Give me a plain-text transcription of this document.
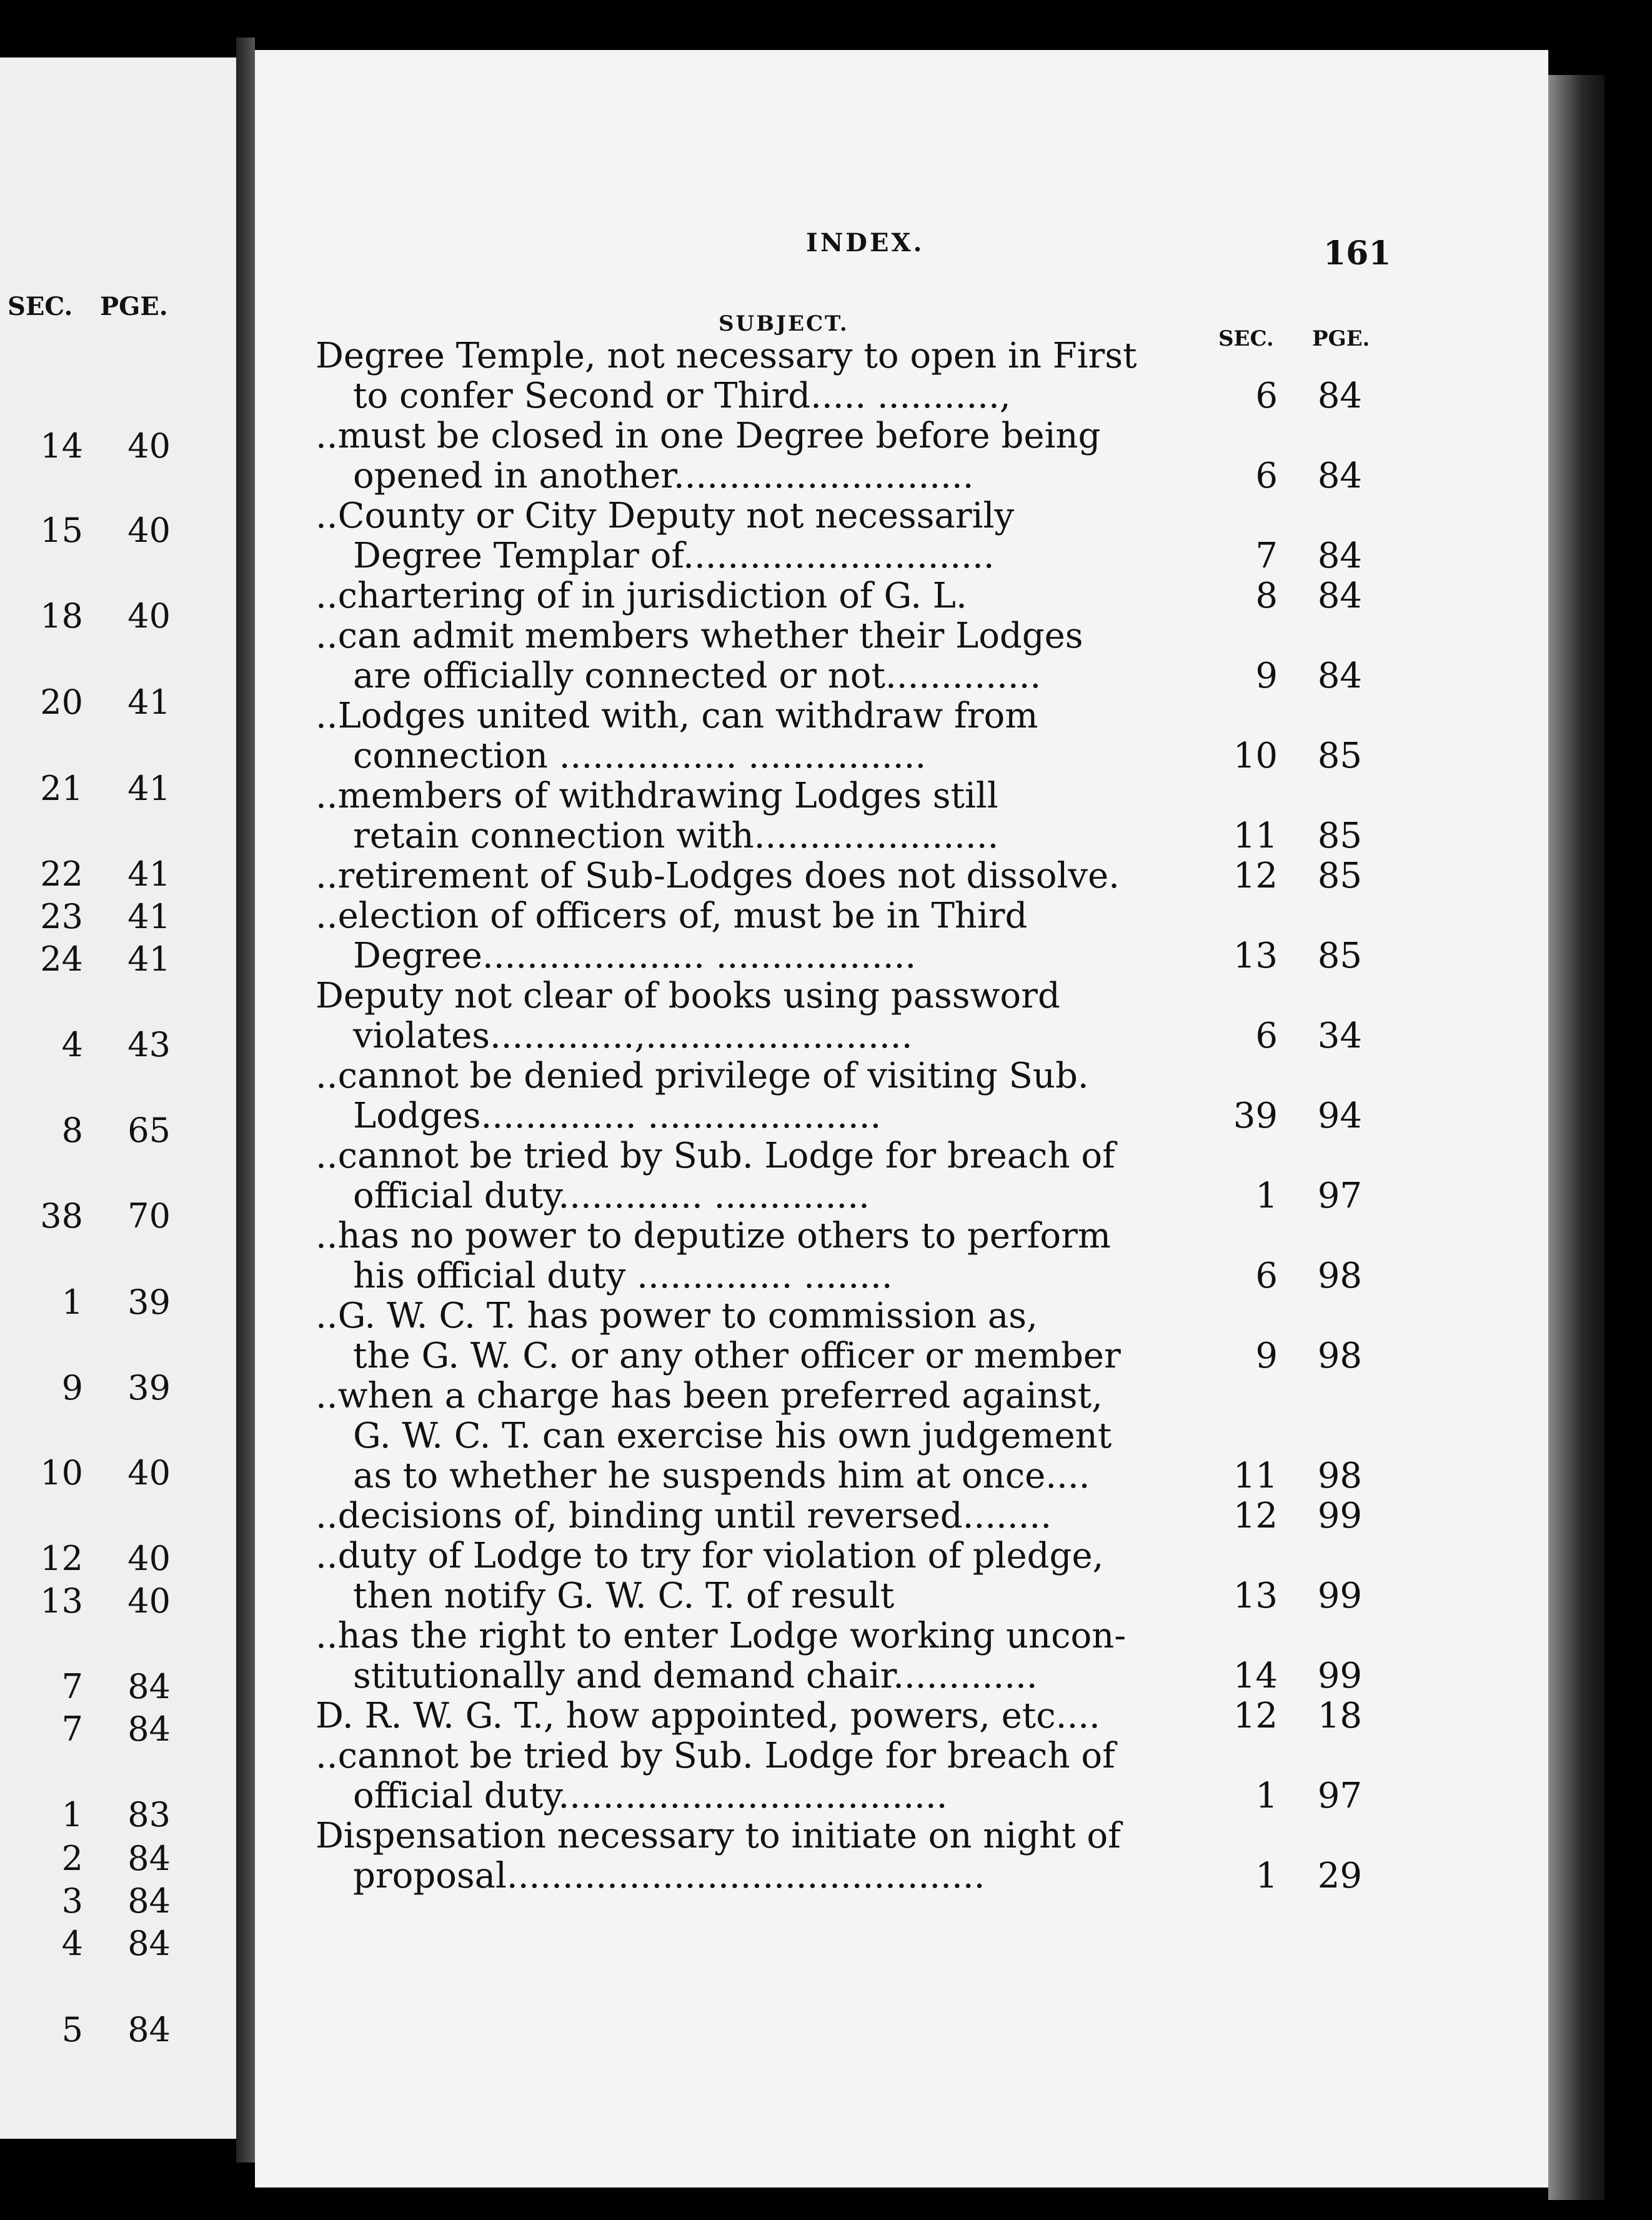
SEC. PGE.
14 40
15 40
18 40
20 41
21 41
22 41
23 41
24 41
4 43
8 65
38 70
1 39
9 39
10 40
12 40
13 40
7 84
7 84
1 83
2 84
3 84
4 84
5 84
INDEX.	161
SUBJECT.
SEC. PGE.
Degree Temple, not necessary to open in First
to confer Second or Third..... ...........,	6 84
..must be closed in one Degree before being
opened in another...........................	6 84
..County or City Deputy not necessarily
Degree Templar of............................	7 84
..chartering of in jurisdiction of G. L.	8 84
..can admit members whether their Lodges
are officially connected or not..............	9 84
..Lodges united with, can withdraw from
connection ................ ................	10 85
..members of withdrawing Lodges still
retain connection with......................	11 85
..retirement of Sub-Lodges does not dissolve.	12 85
..election of officers of, must be in Third
Degree.................... ..................	13 85
Deputy not clear of books using password
violates.............,........................	6 34
..cannot be denied privilege of visiting Sub.
Lodges.............. .....................	39 94
..cannot be tried by Sub. Lodge for breach of
official duty............. ..............	1 97
..has no power to deputize others to perform
his official duty .............. ........	6 98
..G. W. C. T. has power to commission as,
the G. W. C. or any other officer or member	9 98
..when a charge has been preferred against,
G. W. C. T. can exercise his own judgement
as to whether he suspends him at once....	11 98
..decisions of, binding until reversed........	12 99
..duty of Lodge to try for violation of pledge,
then notify G. W. C. T. of result	13 99
..has the right to enter Lodge working uncon-
stitutionally and demand chair.............	14 99
D. R. W. G. T., how appointed, powers, etc....	12 18
..cannot be tried by Sub. Lodge for breach of
official duty...................................	1 97
Dispensation necessary to initiate on night of
proposal...........................................	1 29
